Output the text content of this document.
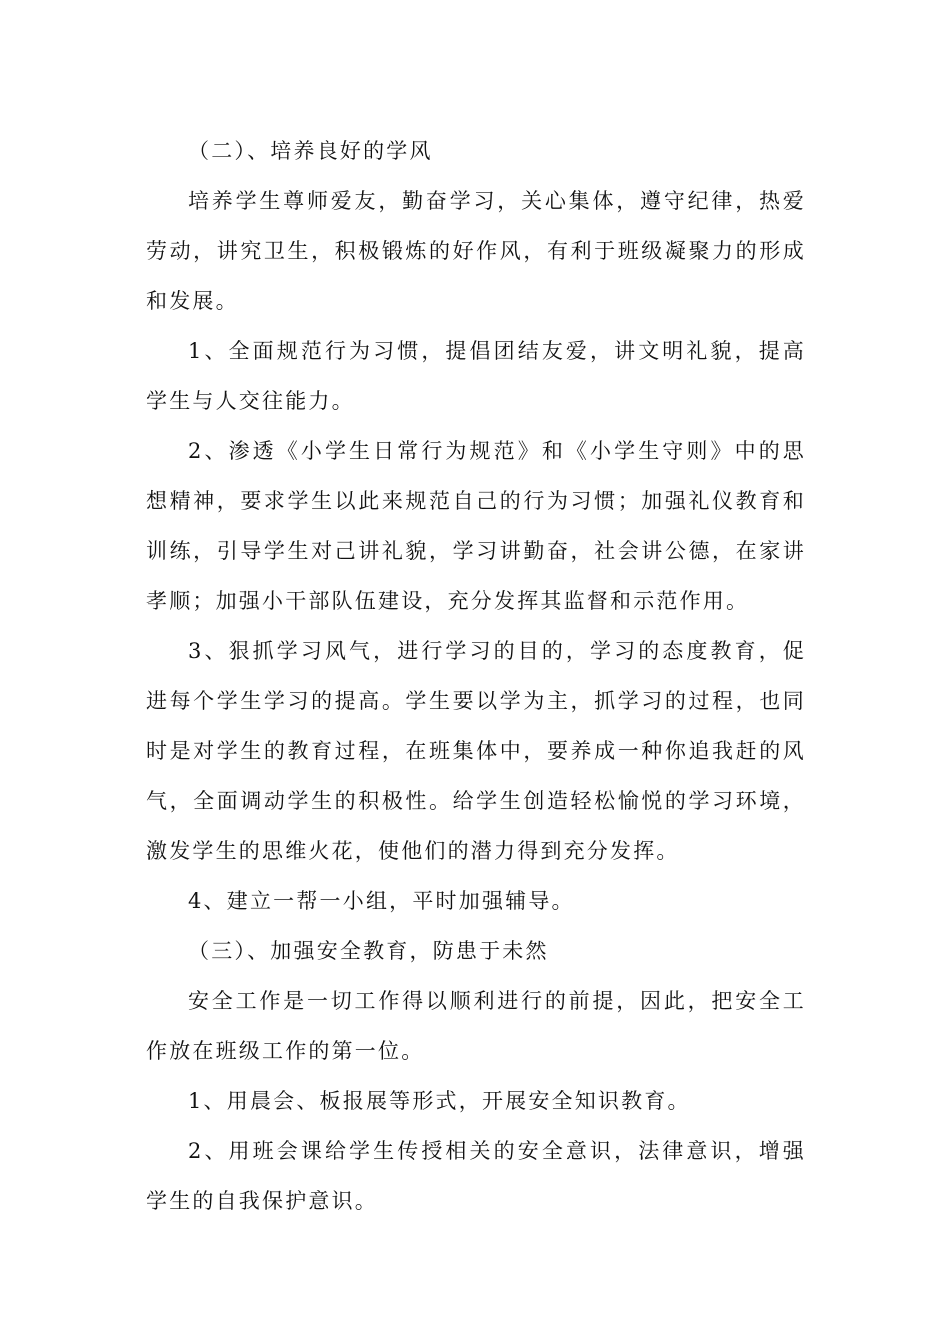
（二）、培养良好的学风

培养学生尊师爱友，勤奋学习，关心集体，遵守纪律，热爱劳动，讲究卫生，积极锻炼的好作风，有利于班级凝聚力的形成和发展。

1、全面规范行为习惯，提倡团结友爱，讲文明礼貌，提高学生与人交往能力。

2、渗透《小学生日常行为规范》和《小学生守则》中的思想精神，要求学生以此来规范自己的行为习惯；加强礼仪教育和训练，引导学生对己讲礼貌，学习讲勤奋，社会讲公德，在家讲孝顺；加强小干部队伍建设，充分发挥其监督和示范作用。

3、狠抓学习风气，进行学习的目的，学习的态度教育，促进每个学生学习的提高。学生要以学为主，抓学习的过程，也同时是对学生的教育过程，在班集体中，要养成一种你追我赶的风气，全面调动学生的积极性。给学生创造轻松愉悦的学习环境，激发学生的思维火花，使他们的潜力得到充分发挥。

4、建立一帮一小组，平时加强辅导。

（三）、加强安全教育，防患于未然

安全工作是一切工作得以顺利进行的前提，因此，把安全工作放在班级工作的第一位。

1、用晨会、板报展等形式，开展安全知识教育。

2、用班会课给学生传授相关的安全意识，法律意识，增强学生的自我保护意识。
